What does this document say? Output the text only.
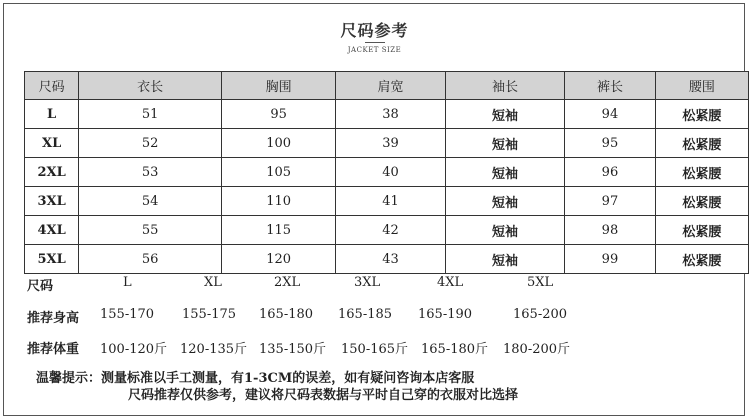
尺码参考
JACKET SIZE
尺码	衣长	胸围	肩宽	袖长	裤长	腰围
L	51	95	38	短袖	94	松紧腰
XL	52	100	39	短袖	95	松紧腰
2XL	53	105	40	短袖	96	松紧腰
3XL	54	110	41	短袖	97	松紧腰
4XL	55	115	42	短袖	98	松紧腰
5XL	56	120	43	短袖	99	松紧腰
尺码	L	XL	2XL	3XL	4XL	5XL
推荐身高 155-170 155-175 165-180 165-185 165-190	165-200
推荐体重 100-120斤 120-135斤 135-150斤 150-165斤 165-180斤 180-200斤
温馨提示：测量标准以手工测量，有1-3CM的误差，如有疑问咨询本店客服
尺码推荐仅供参考，建议将尺码表数据与平时自己穿的衣服对比选择
